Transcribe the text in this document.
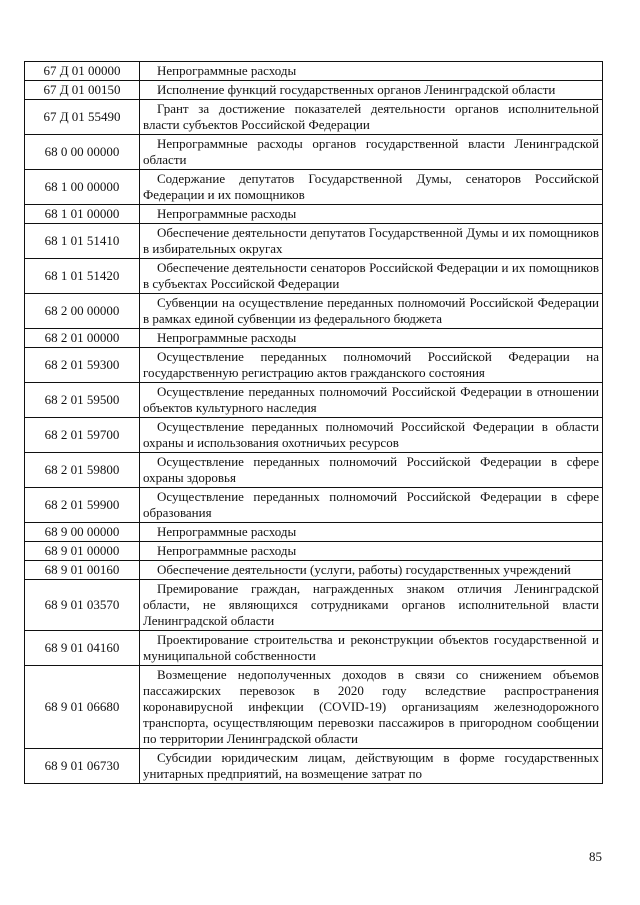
67 Д 01 00000	Непрограммные расходы
67 Д 01 00150	Исполнение функций государственных органов Ленинградской области
67 Д 01 55490	Грант за достижение показателей деятельности органов исполнительной власти субъектов Российской Федерации
68 0 00 00000	Непрограммные расходы органов государственной власти Ленинградской области
68 1 00 00000	Содержание депутатов Государственной Думы, сенаторов Российской Федерации и их помощников
68 1 01 00000	Непрограммные расходы
68 1 01 51410	Обеспечение деятельности депутатов Государственной Думы и их помощников в избирательных округах
68 1 01 51420	Обеспечение деятельности сенаторов Российской Федерации и их помощников в субъектах Российской Федерации
68 2 00 00000	Субвенции на осуществление переданных полномочий Российской Федерации в рамках единой субвенции из федерального бюджета
68 2 01 00000	Непрограммные расходы
68 2 01 59300	Осуществление переданных полномочий Российской Федерации на государственную регистрацию актов гражданского состояния
68 2 01 59500	Осуществление переданных полномочий Российской Федерации в отношении объектов культурного наследия
68 2 01 59700	Осуществление переданных полномочий Российской Федерации в области охраны и использования охотничьих ресурсов
68 2 01 59800	Осуществление переданных полномочий Российской Федерации в сфере охраны здоровья
68 2 01 59900	Осуществление переданных полномочий Российской Федерации в сфере образования
68 9 00 00000	Непрограммные расходы
68 9 01 00000	Непрограммные расходы
68 9 01 00160	Обеспечение деятельности (услуги, работы) государственных учреждений
68 9 01 03570	Премирование граждан, награжденных знаком отличия Ленинградской области, не являющихся сотрудниками органов исполнительной власти Ленинградской области
68 9 01 04160	Проектирование строительства и реконструкции объектов государственной и муниципальной собственности
68 9 01 06680	Возмещение недополученных доходов в связи со снижением объемов пассажирских перевозок в 2020 году вследствие распространения коронавирусной инфекции (COVID-19) организациям железнодорожного транспорта, осуществляющим перевозки пассажиров в пригородном сообщении по территории Ленинградской области
68 9 01 06730	Субсидии юридическим лицам, действующим в форме государственных унитарных предприятий, на возмещение затрат по
85
